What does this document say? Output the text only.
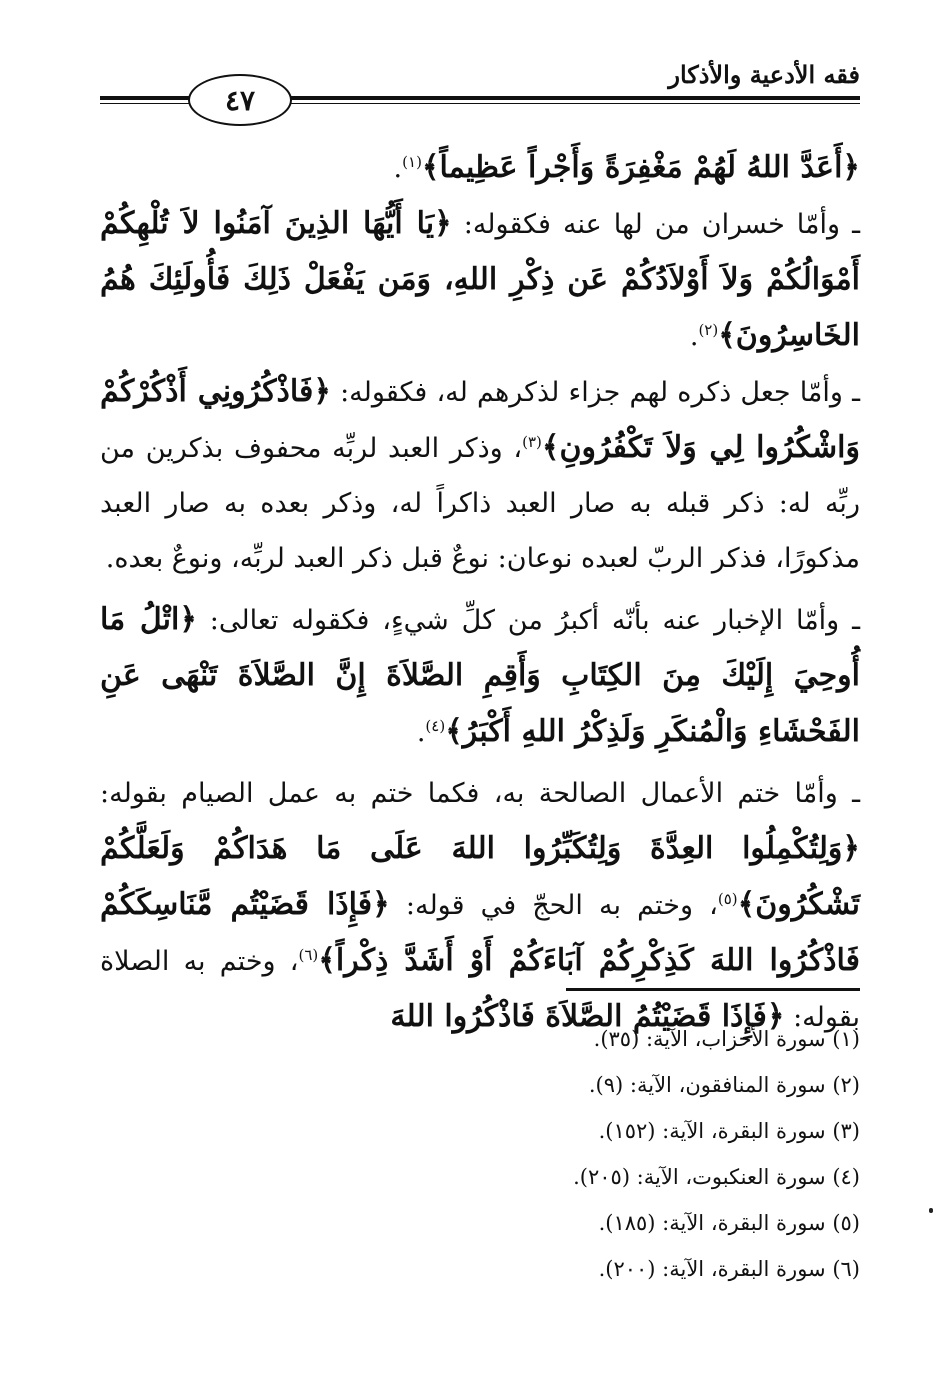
فقه الأدعية والأذكار
٤٧

﴿أَعَدَّ اللهُ لَهُمْ مَغْفِرَةً وَأَجْراً عَظِيماً﴾$^{(١)}$.

ـ وأمّا خسران من لها عنه فكقوله: ﴿يَا أَيُّهَا الذِينَ آمَنُوا لاَ تُلْهِكُمْ أَمْوَالُكُمْ وَلاَ أَوْلاَدُكُمْ عَن ذِكْرِ اللهِ، وَمَن يَفْعَلْ ذَلِكَ فَأُولَئِكَ هُمُ الخَاسِرُونَ﴾$^{(٢)}$.

ـ وأمّا جعل ذكره لهم جزاء لذكرهم له، فكقوله: ﴿فَاذْكُرُونِي أَذْكُرْكُمْ وَاشْكُرُوا لِي وَلاَ تَكْفُرُونِ﴾$^{(٣)}$، وذكر العبد لربِّه محفوف بذكرين من ربِّه له: ذكر قبله به صار العبد ذاكراً له، وذكر بعده به صار العبد مذكورًا، فذكر الربّ لعبده نوعان: نوعٌ قبل ذكر العبد لربِّه، ونوعٌ بعده.

ـ وأمّا الإخبار عنه بأنّه أكبرُ من كلِّ شيءٍ، فكقوله تعالى: ﴿اتْلُ مَا أُوحِيَ إِلَيْكَ مِنَ الكِتَابِ وَأَقِمِ الصَّلاَةَ إِنَّ الصَّلاَةَ تَنْهَى عَنِ الفَحْشَاءِ وَالْمُنكَرِ وَلَذِكْرُ اللهِ أَكْبَرُ﴾$^{(٤)}$.

ـ وأمّا ختم الأعمال الصالحة به، فكما ختم به عمل الصيام بقوله: ﴿وَلِتُكْمِلُوا العِدَّةَ وَلِتُكَبِّرُوا اللهَ عَلَى مَا هَدَاكُمْ وَلَعَلَّكُمْ تَشْكُرُونَ﴾$^{(٥)}$، وختم به الحجّ في قوله: ﴿فَإِذَا قَضَيْتُم مَّنَاسِكَكُمْ فَاذْكُرُوا اللهَ كَذِكْرِكُمْ آبَاءَكُمْ أَوْ أَشَدَّ ذِكْراً﴾$^{(٦)}$، وختم به الصلاة بقوله: ﴿فَإِذَا قَضَيْتُمُ الصَّلاَةَ فَاذْكُرُوا اللهَ

(١) سورة الأحزاب، الآية: (٣٥).
(٢) سورة المنافقون، الآية: (٩).
(٣) سورة البقرة، الآية: (١٥٢).
(٤) سورة العنكبوت، الآية: (٢٠٥).
(٥) سورة البقرة، الآية: (١٨٥).
(٦) سورة البقرة، الآية: (٢٠٠).
